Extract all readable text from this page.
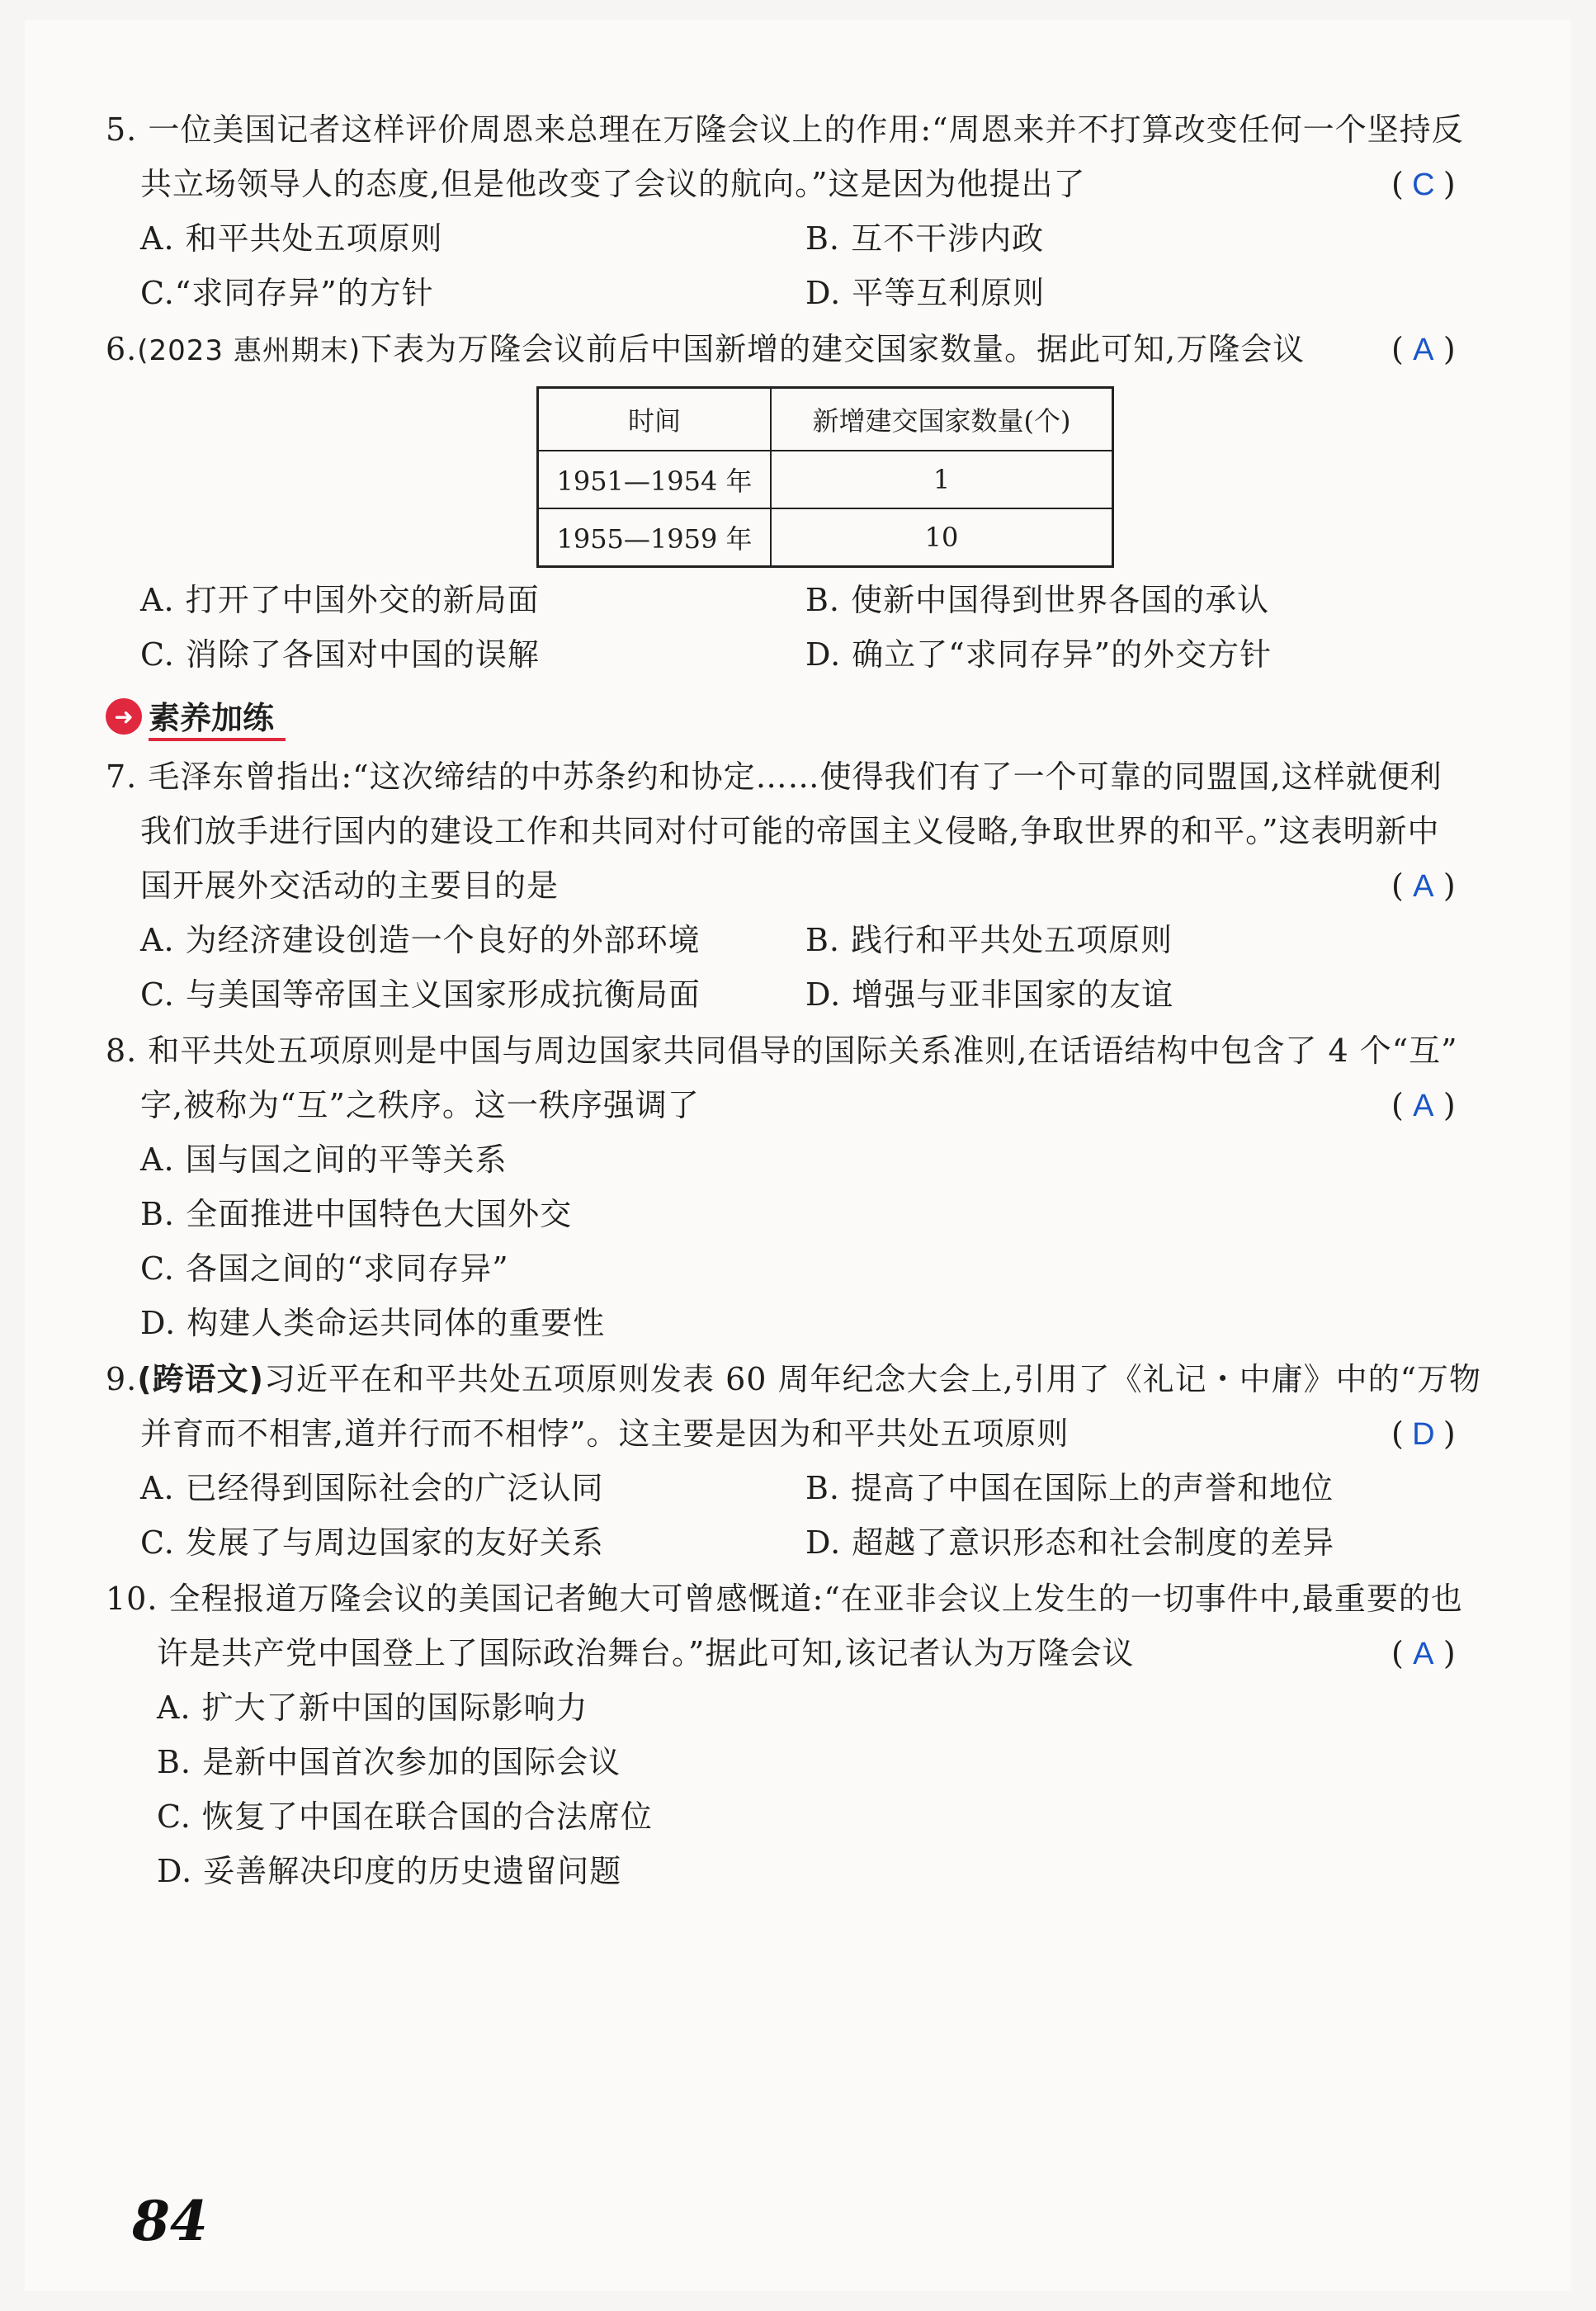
5. 一位美国记者这样评价周恩来总理在万隆会议上的作用:“周恩来并不打算改变任何一个坚持反
共立场领导人的态度,但是他改变了会议的航向。”这是因为他提出了	( C )
A. 和平共处五项原则	B. 互不干涉内政
C.“求同存异”的方针	D. 平等互利原则
6.(2023 惠州期末)下表为万隆会议前后中国新增的建交国家数量。据此可知,万隆会议	( A )
时间	新增建交国家数量(个)
1951—1954 年	1
1955—1959 年	10
A. 打开了中国外交的新局面	B. 使新中国得到世界各国的承认
C. 消除了各国对中国的误解	D. 确立了“求同存异”的外交方针
➜ 素养加练
7. 毛泽东曾指出:“这次缔结的中苏条约和协定……使得我们有了一个可靠的同盟国,这样就便利
我们放手进行国内的建设工作和共同对付可能的帝国主义侵略,争取世界的和平。”这表明新中
国开展外交活动的主要目的是	( A )
A. 为经济建设创造一个良好的外部环境	B. 践行和平共处五项原则
C. 与美国等帝国主义国家形成抗衡局面	D. 增强与亚非国家的友谊
8. 和平共处五项原则是中国与周边国家共同倡导的国际关系准则,在话语结构中包含了 4 个“互”
字,被称为“互”之秩序。这一秩序强调了	( A )
A. 国与国之间的平等关系
B. 全面推进中国特色大国外交
C. 各国之间的“求同存异”
D. 构建人类命运共同体的重要性
9.(跨语文)习近平在和平共处五项原则发表 60 周年纪念大会上,引用了《礼记・中庸》中的“万物
并育而不相害,道并行而不相悖”。这主要是因为和平共处五项原则	( D )
A. 已经得到国际社会的广泛认同	B. 提高了中国在国际上的声誉和地位
C. 发展了与周边国家的友好关系	D. 超越了意识形态和社会制度的差异
10. 全程报道万隆会议的美国记者鲍大可曾感慨道:“在亚非会议上发生的一切事件中,最重要的也
许是共产党中国登上了国际政治舞台。”据此可知,该记者认为万隆会议	( A )
A. 扩大了新中国的国际影响力
B. 是新中国首次参加的国际会议
C. 恢复了中国在联合国的合法席位
D. 妥善解决印度的历史遗留问题
84
